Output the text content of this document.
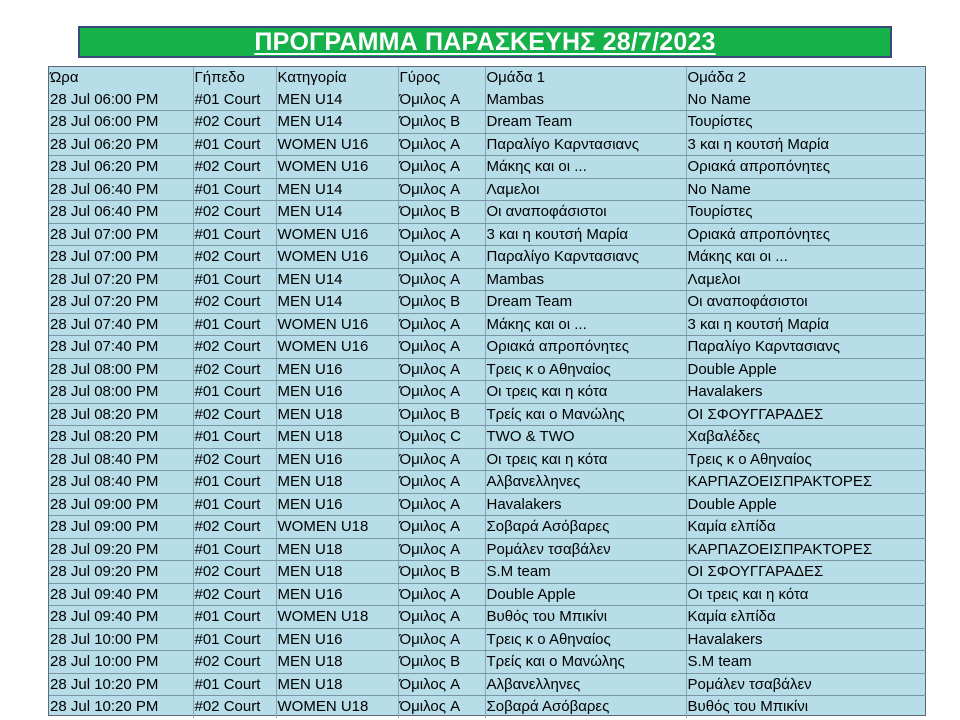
ΠΡΟΓΡΑΜΜΑ ΠΑΡΑΣΚΕΥΗΣ 28/7/2023
Ώρα	Γήπεδο	Κατηγορία	Γύρος	Ομάδα 1	Ομάδα 2
28 Jul 06:00 PM	#01 Court	MEN U14	Όμιλος A	Mambas	No Name
28 Jul 06:00 PM	#02 Court	MEN U14	Όμιλος B	Dream Team	Τουρίστες
28 Jul 06:20 PM	#01 Court	WOMEN U16	Όμιλος A	Παραλίγο Καρντασιανς	3 και η κουτσή Μαρία
28 Jul 06:20 PM	#02 Court	WOMEN U16	Όμιλος A	Μάκης και οι ...	Οριακά απροπόνητες
28 Jul 06:40 PM	#01 Court	MEN U14	Όμιλος A	Λαμελοι	No Name
28 Jul 06:40 PM	#02 Court	MEN U14	Όμιλος B	Οι αναποφάσιστοι	Τουρίστες
28 Jul 07:00 PM	#01 Court	WOMEN U16	Όμιλος A	3 και η κουτσή Μαρία	Οριακά απροπόνητες
28 Jul 07:00 PM	#02 Court	WOMEN U16	Όμιλος A	Παραλίγο Καρντασιανς	Μάκης και οι ...
28 Jul 07:20 PM	#01 Court	MEN U14	Όμιλος A	Mambas	Λαμελοι
28 Jul 07:20 PM	#02 Court	MEN U14	Όμιλος B	Dream Team	Οι αναποφάσιστοι
28 Jul 07:40 PM	#01 Court	WOMEN U16	Όμιλος A	Μάκης και οι ...	3 και η κουτσή Μαρία
28 Jul 07:40 PM	#02 Court	WOMEN U16	Όμιλος A	Οριακά απροπόνητες	Παραλίγο Καρντασιανς
28 Jul 08:00 PM	#02 Court	MEN U16	Όμιλος A	Τρεις κ ο Αθηναίος	Double Apple
28 Jul 08:00 PM	#01 Court	MEN U16	Όμιλος A	Οι τρεις και η κότα	Havalakers
28 Jul 08:20 PM	#02 Court	MEN U18	Όμιλος B	Τρείς και ο Μανώλης	ΟΙ ΣΦΟΥΓΓΑΡΑΔΕΣ
28 Jul 08:20 PM	#01 Court	MEN U18	Όμιλος C	TWO & TWO	Χαβαλέδες
28 Jul 08:40 PM	#02 Court	MEN U16	Όμιλος A	Οι τρεις και η κότα	Τρεις κ ο Αθηναίος
28 Jul 08:40 PM	#01 Court	MEN U18	Όμιλος A	Αλβανελληνες	ΚΑΡΠΑΖΟΕΙΣΠΡΑΚΤΟΡΕΣ
28 Jul 09:00 PM	#01 Court	MEN U16	Όμιλος A	Havalakers	Double Apple
28 Jul 09:00 PM	#02 Court	WOMEN U18	Όμιλος A	Σοβαρά Ασόβαρες	Καμία ελπίδα
28 Jul 09:20 PM	#01 Court	MEN U18	Όμιλος A	Ρομάλεν τσαβάλεν	ΚΑΡΠΑΖΟΕΙΣΠΡΑΚΤΟΡΕΣ
28 Jul 09:20 PM	#02 Court	MEN U18	Όμιλος B	S.M team	ΟΙ ΣΦΟΥΓΓΑΡΑΔΕΣ
28 Jul 09:40 PM	#02 Court	MEN U16	Όμιλος A	Double Apple	Οι τρεις και η κότα
28 Jul 09:40 PM	#01 Court	WOMEN U18	Όμιλος A	Βυθός του Μπικίνι	Καμία ελπίδα
28 Jul 10:00 PM	#01 Court	MEN U16	Όμιλος A	Τρεις κ ο Αθηναίος	Havalakers
28 Jul 10:00 PM	#02 Court	MEN U18	Όμιλος B	Τρείς και ο Μανώλης	S.M team
28 Jul 10:20 PM	#01 Court	MEN U18	Όμιλος A	Αλβανελληνες	Ρομάλεν τσαβάλεν
28 Jul 10:20 PM	#02 Court	WOMEN U18	Όμιλος A	Σοβαρά Ασόβαρες	Βυθός του Μπικίνι
